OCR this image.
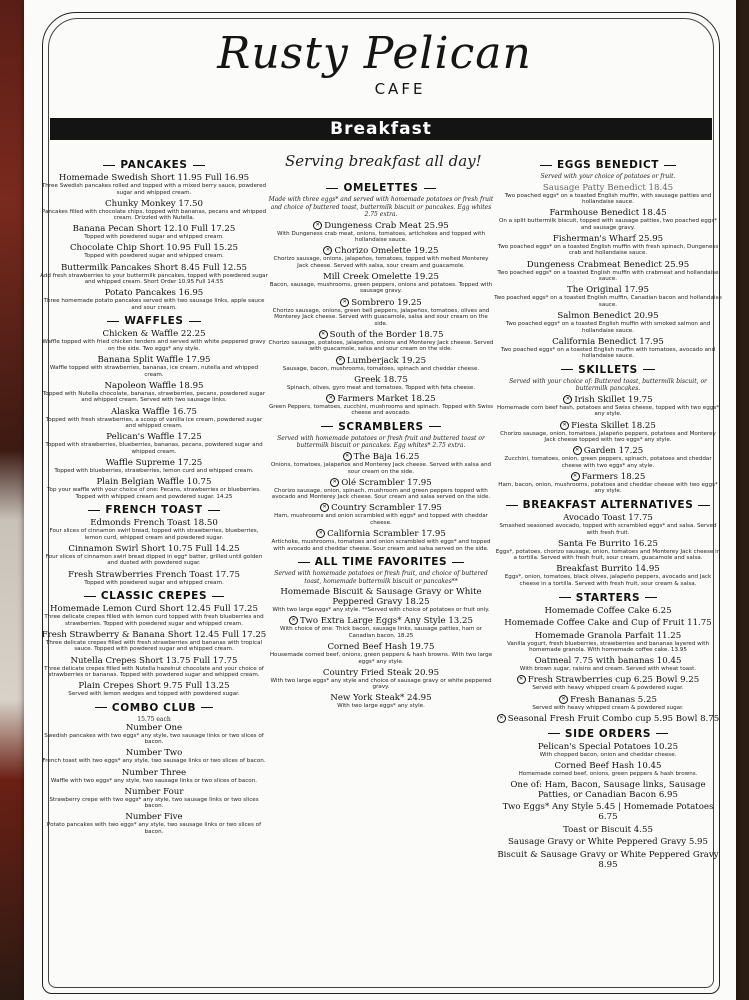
Rusty Pelican
CAFE
Breakfast
PANCAKES
Homemade Swedish Short 11.95 Full 16.95
Three Swedish pancakes rolled and topped with a mixed berry sauce, powdered sugar and whipped cream.
Chunky Monkey 17.50
Pancakes filled with chocolate chips, topped with bananas, pecans and whipped cream. Drizzled with Nutella.
Banana Pecan Short 12.10 Full 17.25
Topped with powdered sugar and whipped cream.
Chocolate Chip Short 10.95 Full 15.25
Topped with powdered sugar and whipped cream.
Buttermilk Pancakes Short 8.45 Full 12.55
Add fresh strawberries to your buttermilk pancakes, topped with powdered sugar and whipped cream. Short Order 10.95 Full 14.55
Potato Pancakes 16.95
Three homemade potato pancakes served with two sausage links, apple sauce and sour cream.
WAFFLES
Chicken & Waffle 22.25
Waffle topped with fried chicken tenders and served with white peppered gravy on the side. Two eggs* any style.
Banana Split Waffle 17.95
Waffle topped with strawberries, bananas, ice cream, nutella and whipped cream.
Napoleon Waffle 18.95
Topped with Nutella chocolate, bananas, strawberries, pecans, powdered sugar and whipped cream. Served with two sausage links.
Alaska Waffle 16.75
Topped with fresh strawberries, a scoop of vanilla ice cream, powdered sugar and whipped cream.
Pelican's Waffle 17.25
Topped with strawberries, blueberries, bananas, pecans, powdered sugar and whipped cream.
Waffle Supreme 17.25
Topped with blueberries, strawberries, lemon curd and whipped cream.
Plain Belgian Waffle 10.75
Top your waffle with your choice of one: Pecans, strawberries or blueberries. Topped with whipped cream and powdered sugar. 14.25
FRENCH TOAST
Edmonds French Toast 18.50
Four slices of cinnamon swirl bread, topped with strawberries, blueberries, lemon curd, whipped cream and powdered sugar.
Cinnamon Swirl Short 10.75 Full 14.25
Four slices of cinnamon swirl bread dipped in egg* batter, grilled until golden and dusted with powdered sugar.
Fresh Strawberries French Toast 17.75
Topped with powdered sugar and whipped cream.
CLASSIC CREPES
Homemade Lemon Curd Short 12.45 Full 17.25
Three delicate crepes filled with lemon curd topped with fresh blueberries and strawberries. Topped with powdered sugar and whipped cream.
Fresh Strawberry & Banana Short 12.45 Full 17.25
Three delicate crepes filled with fresh strawberries and bananas with tropical sauce. Topped with powdered sugar and whipped cream.
Nutella Crepes Short 13.75 Full 17.75
Three delicate crepes filled with Nutella hazelnut chocolate and your choice of strawberries or bananas. Topped with powdered sugar and whipped cream.
Plain Crepes Short 9.75 Full 13.25
Served with lemon wedges and topped with powdered sugar.
COMBO CLUB
15.75 each
Number One
Swedish pancakes with two eggs* any style, two sausage links or two slices of bacon.
Number Two
French toast with two eggs* any style, two sausage links or two slices of bacon.
Number Three
Waffle with two eggs* any style, two sausage links or two slices of bacon.
Number Four
Strawberry crepe with two eggs* any style, two sausage links or two slices bacon.
Number Five
Potato pancakes with two eggs* any style, two sausage links or two slices of bacon.
OMELETTES
Made with three eggs* and served with homemade potatoes or fresh fruit and choice of buttered toast, buttermilk biscuit or pancakes. Egg whites 2.75 extra.
✕ Dungeness Crab Meat 25.95
With Dungeness crab meat, onions, tomatoes, artichokes and topped with hollandaise sauce.
✕ Chorizo Omelette 19.25
Chorizo sausage, onions, jalapeños, tomatoes, topped with melted Monterey Jack cheese. Served with salsa, sour cream and guacamole.
Mill Creek Omelette 19.25
Bacon, sausage, mushrooms, green peppers, onions and potatoes. Topped with sausage gravy.
✕ Sombrero 19.25
Chorizo sausage, onions, green bell peppers, jalapeños, tomatoes, olives and Monterey Jack cheese. Served with guacamole, salsa and sour cream on the side.
✕ South of the Border 18.75
Chorizo sausage, potatoes, jalapeños, onions and Monterey Jack cheese. Served with guacamole, salsa and sour cream on the side.
✕ Lumberjack 19.25
Sausage, bacon, mushrooms, tomatoes, spinach and cheddar cheese.
Greek 18.75
Spinach, olives, gyro meat and tomatoes. Topped with feta cheese.
✕ Farmers Market 18.25
Green Peppers, tomatoes, zucchini, mushrooms and spinach. Topped with Swiss cheese and avocado.
SCRAMBLERS
Served with homemade potatoes or fresh fruit and buttered toast or buttermilk biscuit or pancakes. Egg whites* 2.75 extra.
✕ The Baja 16.25
Onions, tomatoes, jalapeños and Monterey Jack cheese. Served with salsa and sour cream on the side.
✕ Olé Scrambler 17.95
Chorizo sausage, onion, spinach, mushroom and green peppers topped with avocado and Monterey Jack cheese. Sour cream and salsa served on the side.
✕ Country Scrambler 17.95
Ham, mushrooms and onion scrambled with eggs* and topped with cheddar cheese.
✕ California Scrambler 17.95
Artichoke, mushrooms, tomatoes and onion scrambled with eggs* and topped with avocado and cheddar cheese. Sour cream and salsa served on the side.
ALL TIME FAVORITES
Served with homemade potatoes or fresh fruit, and choice of buttered toast, homemade buttermilk biscuit or pancakes**
Homemade Biscuit & Sausage Gravy or White Peppered Gravy 18.25
With two large eggs* any style. **Served with choice of potatoes or fruit only.
✕ Two Extra Large Eggs* Any Style 13.25
With choice of one: Thick bacon, sausage links, sausage patties, ham or Canadian bacon. 18.25
Corned Beef Hash 19.75
Housemade corned beef, onions, green peppers & hash browns. With two large eggs* any style.
Country Fried Steak 20.95
With two large eggs* any style and choice of sausage gravy or white peppered gravy.
New York Steak* 24.95
With two large eggs* any style.
EGGS BENEDICT
Served with your choice of potatoes or fruit.
Sausage Patty Benedict 18.45
Two poached eggs* on a toasted English muffin, with sausage patties and hollandaise sauce.
Farmhouse Benedict 18.45
On a split buttermilk biscuit, topped with sausage patties, two poached eggs* and sausage gravy.
Fisherman's Wharf 25.95
Two poached eggs* on a toasted English muffin with fresh spinach, Dungeness crab and hollandaise sauce.
Dungeness Crabmeat Benedict 25.95
Two poached eggs* on a toasted English muffin with crabmeat and hollandaise sauce.
The Original 17.95
Two poached eggs* on a toasted English muffin, Canadian bacon and hollandaise sauce.
Salmon Benedict 20.95
Two poached eggs* on a toasted English muffin with smoked salmon and hollandaise sauce.
California Benedict 17.95
Two poached eggs* on a toasted English muffin with tomatoes, avocado and hollandaise sauce.
SKILLETS
Served with your choice of: Buttered toast, buttermilk biscuit, or buttermilk pancakes.
✕ Irish Skillet 19.75
Homemade corn beef hash, potatoes and Swiss cheese, topped with two eggs* any style.
✕ Fiesta Skillet 18.25
Chorizo sausage, onion, tomatoes, jalapeño peppers, potatoes and Monterey Jack cheese topped with two eggs* any style.
✕ Garden 17.25
Zucchini, tomatoes, onion, green peppers, spinach, potatoes and cheddar cheese with two eggs* any style.
✕ Farmers 18.25
Ham, bacon, onion, mushrooms, potatoes and cheddar cheese with two eggs* any style.
BREAKFAST ALTERNATIVES
Avocado Toast 17.75
Smashed seasoned avocado, topped with scrambled eggs* and salsa. Served with fresh fruit.
Santa Fe Burrito 16.25
Eggs*, potatoes, chorizo sausage, onion, tomatoes and Monterey Jack cheese in a tortilla. Served with fresh fruit, sour cream, guacamole and salsa.
Breakfast Burrito 14.95
Eggs*, onion, tomatoes, black olives, jalapeño peppers, avocado and Jack cheese in a tortilla. Served with fresh fruit, sour cream & salsa.
STARTERS
Homemade Coffee Cake 6.25
Homemade Coffee Cake and Cup of Fruit 11.75
Homemade Granola Parfait 11.25
Vanilla yogurt, fresh blueberries, strawberries and bananas layered with homemade granola. With homemade coffee cake. 13.95
Oatmeal 7.75 with bananas 10.45
With brown sugar, raisins and cream. Served with wheat toast.
✕ Fresh Strawberries cup 6.25 Bowl 9.25
Served with heavy whipped cream & powdered sugar.
✕ Fresh Bananas 5.25
Served with heavy whipped cream & powdered sugar.
✕ Seasonal Fresh Fruit Combo cup 5.95 Bowl 8.75
SIDE ORDERS
Pelican's Special Potatoes 10.25
With chopped bacon, onion and cheddar cheese.
Corned Beef Hash 10.45
Homemade corned beef, onions, green peppers & hash browns.
One of: Ham, Bacon, Sausage links, Sausage Patties, or Canadian Bacon 6.95
Two Eggs* Any Style 5.45 | Homemade Potatoes 6.75
Toast or Biscuit 4.55
Sausage Gravy or White Peppered Gravy 5.95
Biscuit & Sausage Gravy or White Peppered Gravy 8.95
Serving breakfast all day!
